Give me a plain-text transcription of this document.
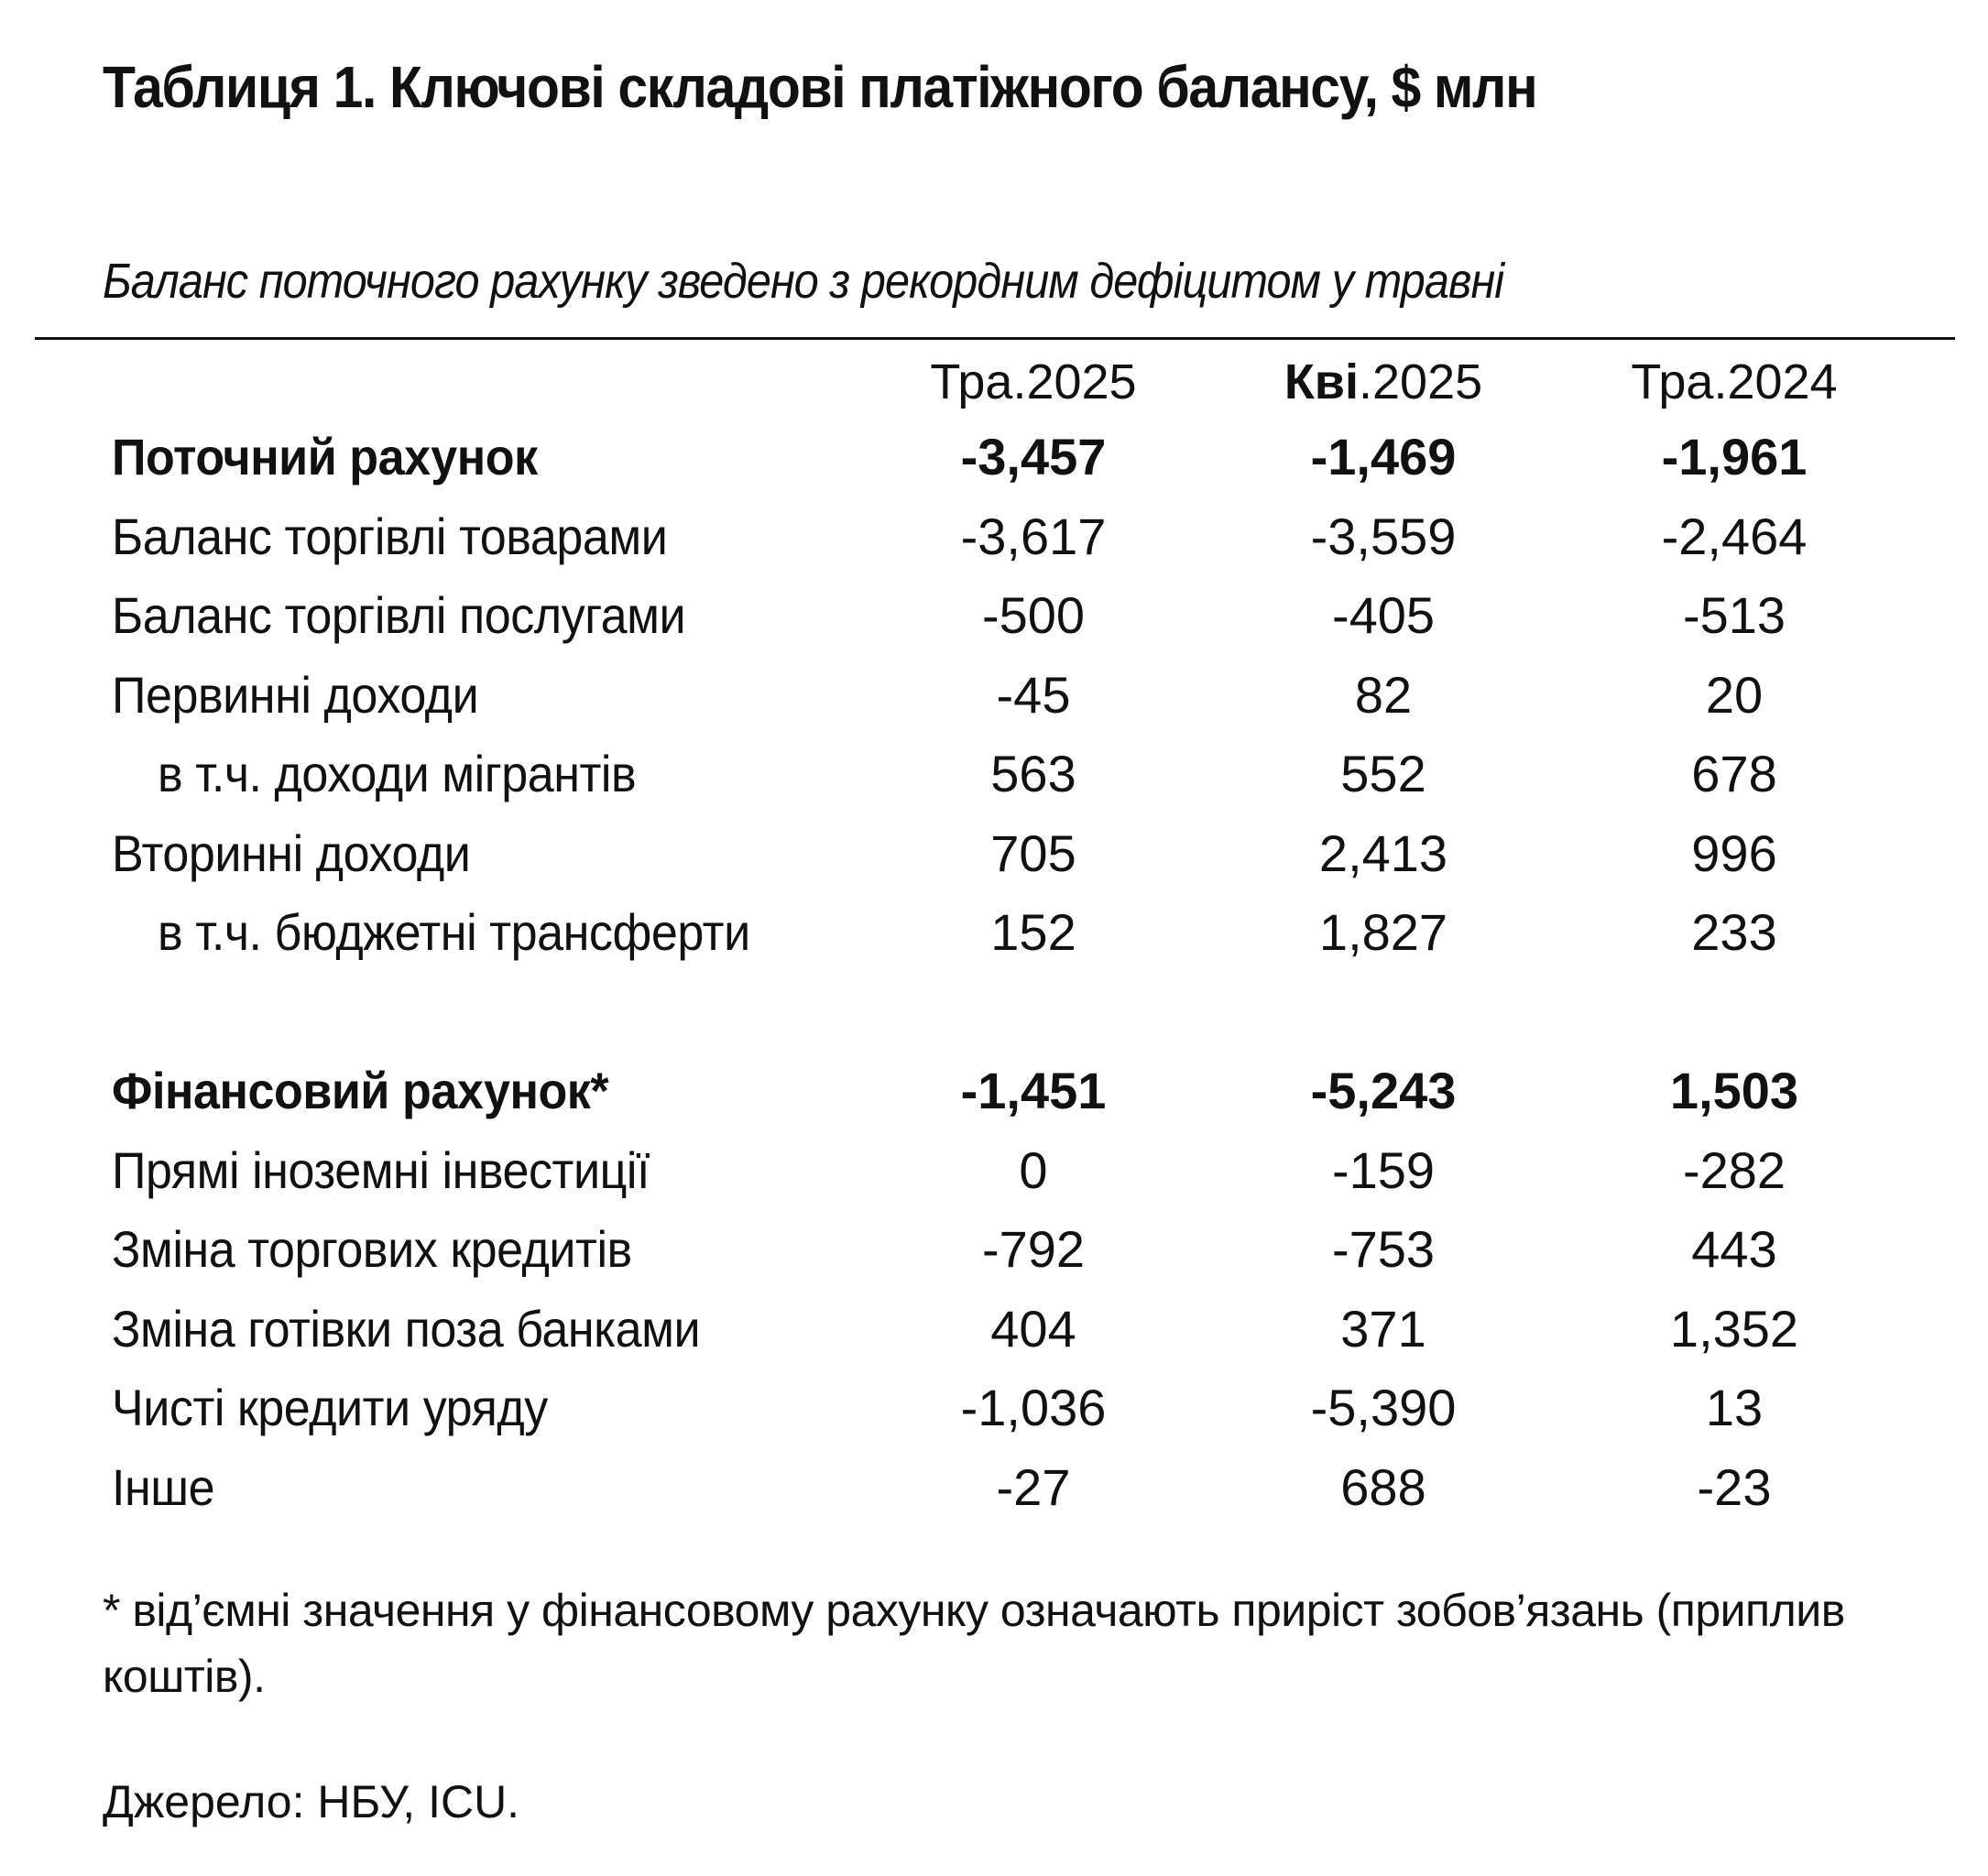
Таблиця 1. Ключові складові платіжного балансу, $ млн
Баланс поточного рахунку зведено з рекордним дефіцитом у травні
Тра.2025	Кві.2025	Тра.2024
Поточний рахунок	-3,457	-1,469	-1,961
Баланс торгівлі товарами	-3,617	-3,559	-2,464
Баланс торгівлі послугами	-500	-405	-513
Первинні доходи	-45	82	20
в т.ч. доходи мігрантів	563	552	678
Вторинні доходи	705	2,413	996
в т.ч. бюджетні трансферти	152	1,827	233
Фінансовий рахунок*	-1,451	-5,243	1,503
Прямі іноземні інвестиції	0	-159	-282
Зміна торгових кредитів	-792	-753	443
Зміна готівки поза банками	404	371	1,352
Чисті кредити уряду	-1,036	-5,390	13
Інше	-27	688	-23
* від’ємні значення у фінансовому рахунку означають приріст зобов’язань (приплив коштів).
Джерело: НБУ, ICU.
